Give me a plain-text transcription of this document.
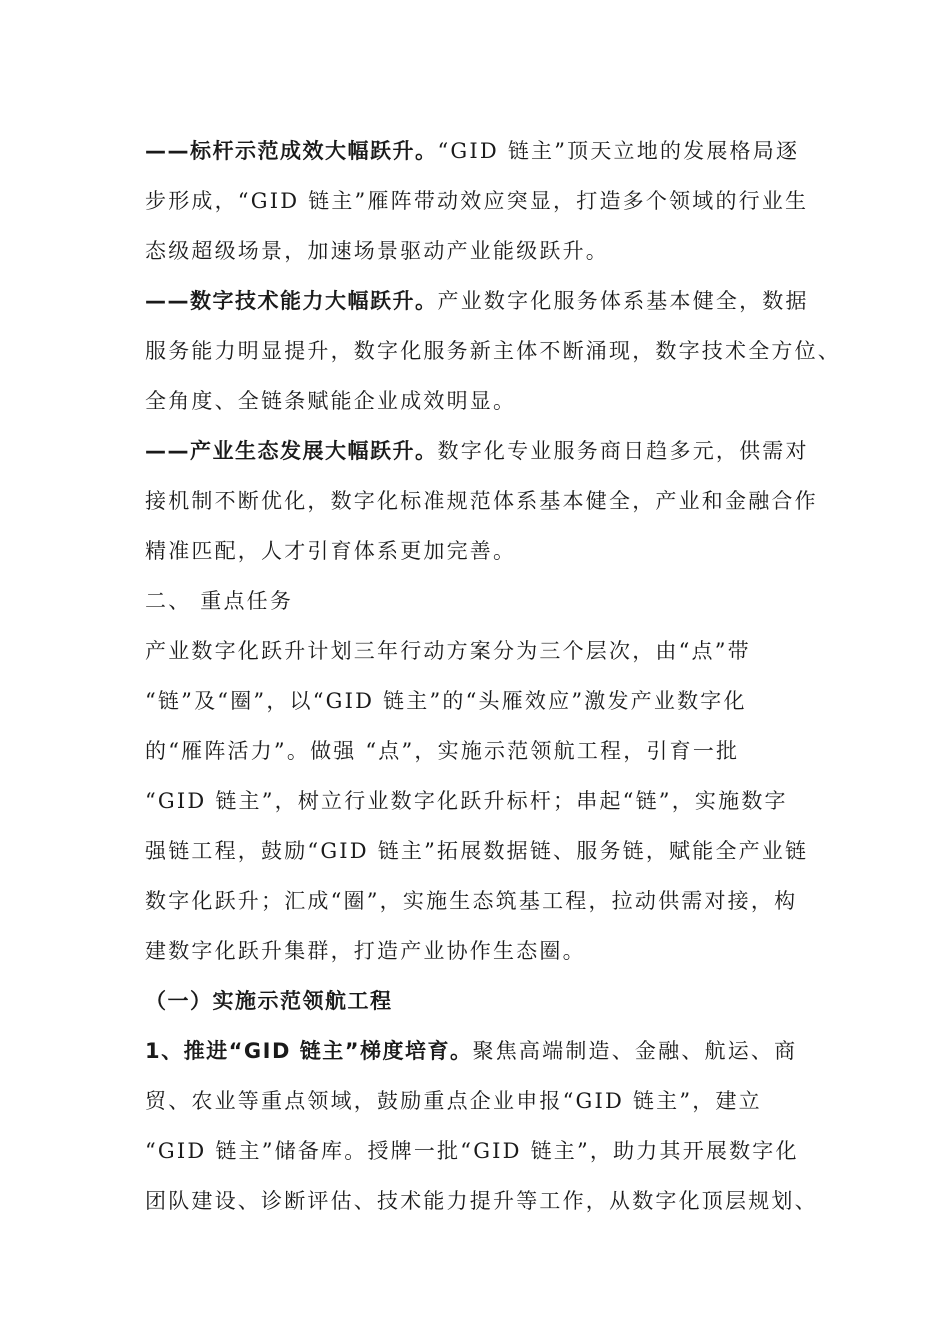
——标杆示范成效大幅跃升。“GID 链主”顶天立地的发展格局逐
步形成，“GID 链主”雁阵带动效应突显，打造多个领域的行业生
态级超级场景，加速场景驱动产业能级跃升。
——数字技术能力大幅跃升。产业数字化服务体系基本健全，数据
服务能力明显提升，数字化服务新主体不断涌现，数字技术全方位、
全角度、全链条赋能企业成效明显。
——产业生态发展大幅跃升。数字化专业服务商日趋多元，供需对
接机制不断优化，数字化标准规范体系基本健全，产业和金融合作
精准匹配，人才引育体系更加完善。
二、 重点任务
产业数字化跃升计划三年行动方案分为三个层次，由“点”带
“链”及“圈”，以“GID 链主”的“头雁效应”激发产业数字化
的“雁阵活力”。做强 “点”，实施示范领航工程，引育一批
“GID 链主”，树立行业数字化跃升标杆；串起“链”，实施数字
强链工程，鼓励“GID 链主”拓展数据链、服务链，赋能全产业链
数字化跃升；汇成“圈”，实施生态筑基工程，拉动供需对接，构
建数字化跃升集群，打造产业协作生态圈。
（一）实施示范领航工程
1、推进“GID 链主”梯度培育。聚焦高端制造、金融、航运、商
贸、农业等重点领域，鼓励重点企业申报“GID 链主”，建立
“GID 链主”储备库。授牌一批“GID 链主”，助力其开展数字化
团队建设、诊断评估、技术能力提升等工作，从数字化顶层规划、
